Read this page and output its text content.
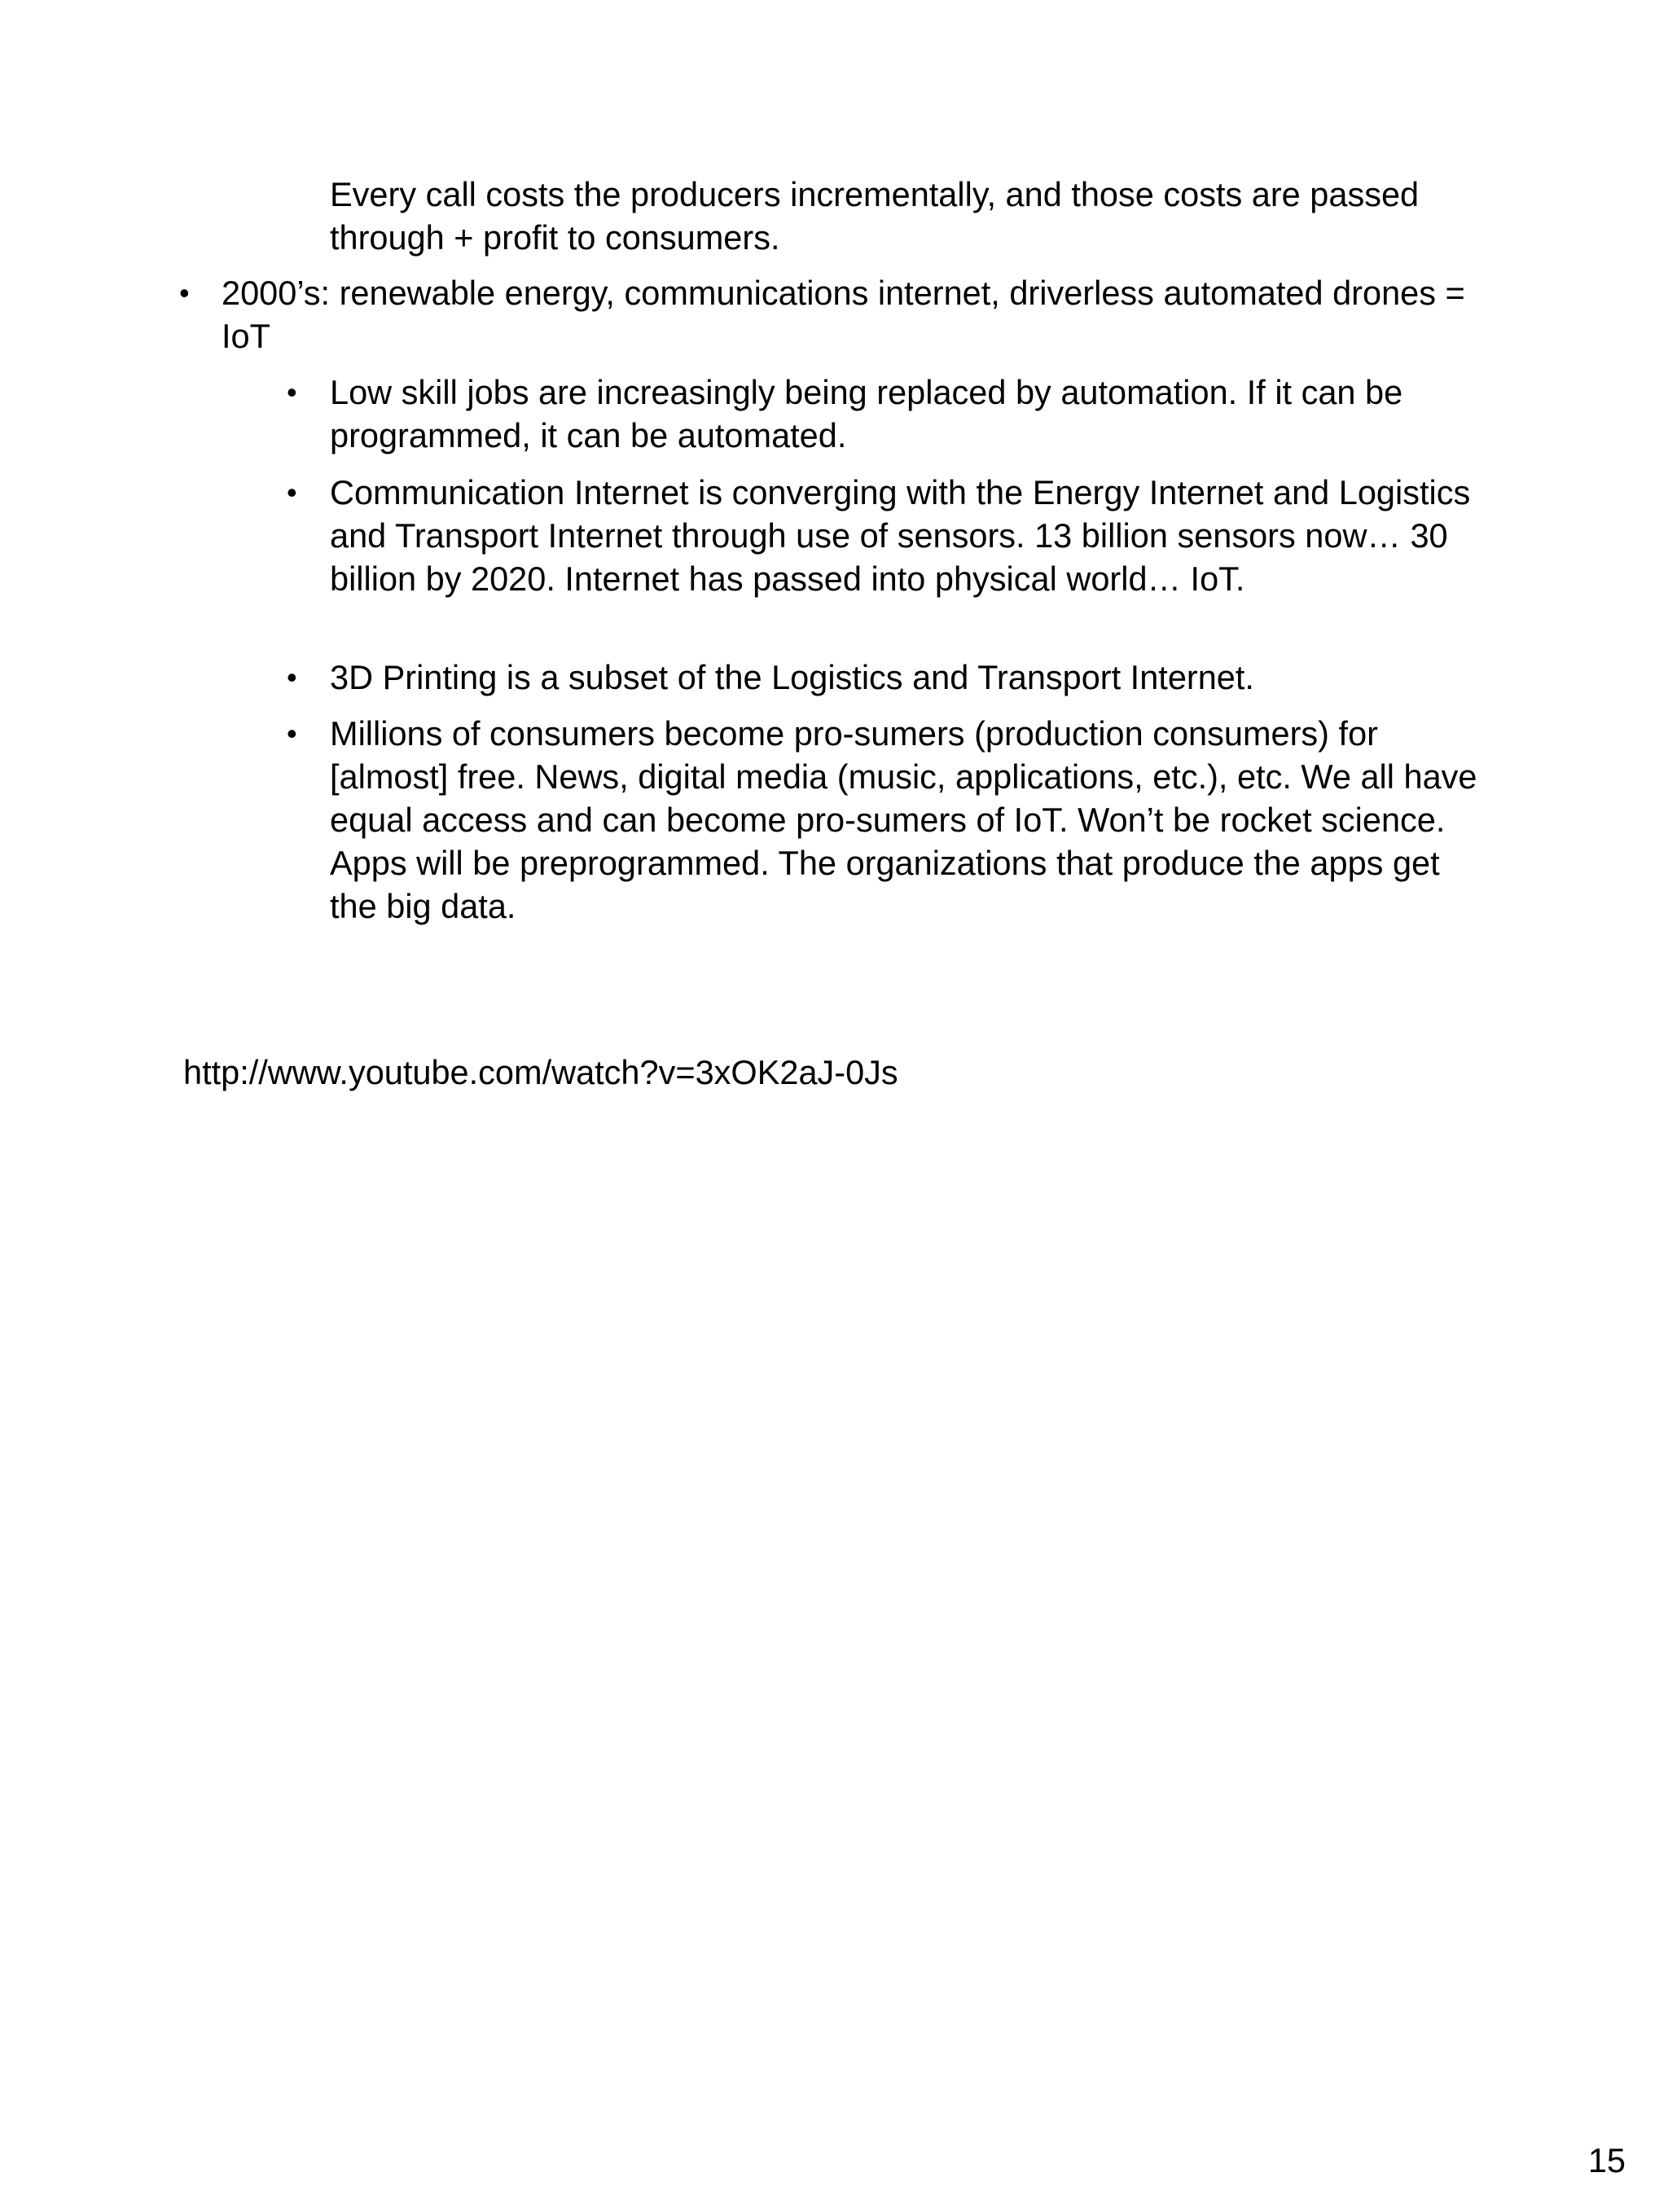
Every call costs the producers incrementally, and those costs are passed through + profit to consumers.

• 2000’s: renewable energy, communications internet, driverless automated drones = IoT

• Low skill jobs are increasingly being replaced by automation. If it can be programmed, it can be automated.

• Communication Internet is converging with the Energy Internet and Logistics and Transport Internet through use of sensors. 13 billion sensors now… 30 billion by 2020. Internet has passed into physical world… IoT.

• 3D Printing is a subset of the Logistics and Transport Internet.

• Millions of consumers become pro-sumers (production consumers) for [almost] free. News, digital media (music, applications, etc.), etc. We all have equal access and can become pro-sumers of IoT. Won’t be rocket science. Apps will be preprogrammed. The organizations that produce the apps get the big data.

http://www.youtube.com/watch?v=3xOK2aJ-0Js

15
